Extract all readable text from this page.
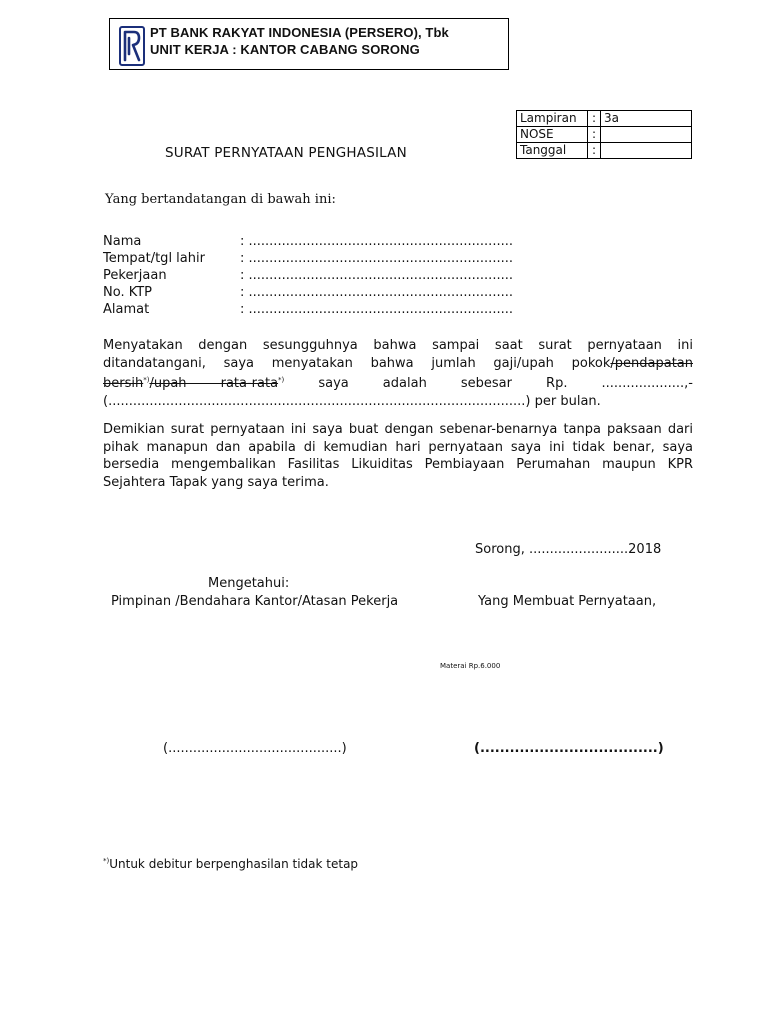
PT BANK RAKYAT INDONESIA (PERSERO), Tbk
UNIT KERJA : KANTOR CABANG SORONG
Lampiran	:	3a
NOSE	:	
Tanggal	:	
SURAT PERNYATAAN PENGHASILAN
Yang bertandatangan di bawah ini:
Nama	: ................................................................
Tempat/tgl lahir	: ................................................................
Pekerjaan	: ................................................................
No. KTP	: ................................................................
Alamat	: ................................................................
Menyatakan dengan sesungguhnya bahwa sampai saat surat pernyataan ini ditandatangani, saya menyatakan bahwa jumlah gaji/upah pokok/pendapatan bersih*)/upah rata-rata*) saya adalah sebesar Rp. ....................,- (.....................................................................................................) per bulan.
Demikian surat pernyataan ini saya buat dengan sebenar-benarnya tanpa paksaan dari pihak manapun dan apabila di kemudian hari pernyataan saya ini tidak benar, saya bersedia mengembalikan Fasilitas Likuiditas Pembiayaan Perumahan maupun KPR Sejahtera Tapak yang saya terima.
Sorong, ........................2018
Mengetahui:
Pimpinan /Bendahara Kantor/Atasan Pekerja	Yang Membuat Pernyataan,
Materai Rp.6.000
(..........................................)	(....................................)
*)Untuk debitur berpenghasilan tidak tetap
